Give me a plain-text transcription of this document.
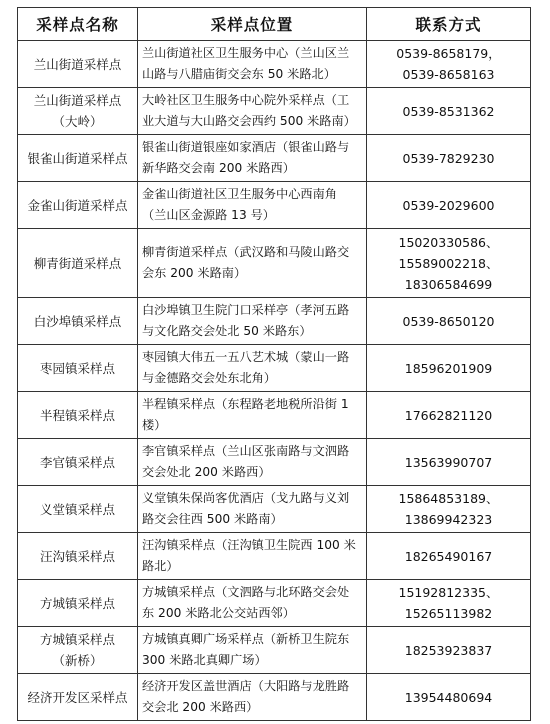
采样点名称	采样点位置	联系方式

兰山街道采样点	兰山街道社区卫生服务中心（兰山区兰
山路与八腊庙街交会东 50 米路北）	0539-8658179，
0539-8658163

兰山街道采样点
（大岭）	大岭社区卫生服务中心院外采样点（工
业大道与大山路交会西约 500 米路南）	0539-8531362

银雀山街道采样点	银雀山街道银座如家酒店（银雀山路与
新华路交会南 200 米路西）	0539-7829230

金雀山街道采样点	金雀山街道社区卫生服务中心西南角
（兰山区金源路 13 号）	0539-2029600

柳青街道采样点	柳青街道采样点（武汉路和马陵山路交
会东 200 米路南）	15020330586、
15589002218、
18306584699

白沙埠镇采样点	白沙埠镇卫生院门口采样亭（孝河五路
与文化路交会处北 50 米路东）	0539-8650120

枣园镇采样点	枣园镇大伟五一五八艺术城（蒙山一路
与金德路交会处东北角）	18596201909

半程镇采样点	半程镇采样点（东程路老地税所沿街 1
楼）	17662821120

李官镇采样点	李官镇采样点（兰山区张南路与文泗路
交会处北 200 米路西）	13563990707

义堂镇采样点	义堂镇朱保尚客优酒店（戈九路与义刘
路交会往西 500 米路南）	15864853189、
13869942323

汪沟镇采样点	汪沟镇采样点（汪沟镇卫生院西 100 米
路北）	18265490167

方城镇采样点	方城镇采样点（文泗路与北环路交会处
东 200 米路北公交站西邻）	15192812335、
15265113982

方城镇采样点
（新桥）	方城镇真卿广场采样点（新桥卫生院东
300 米路北真卿广场）	18253923837

经济开发区采样点	经济开发区盖世酒店（大阳路与龙胜路
交会北 200 米路西）	13954480694
